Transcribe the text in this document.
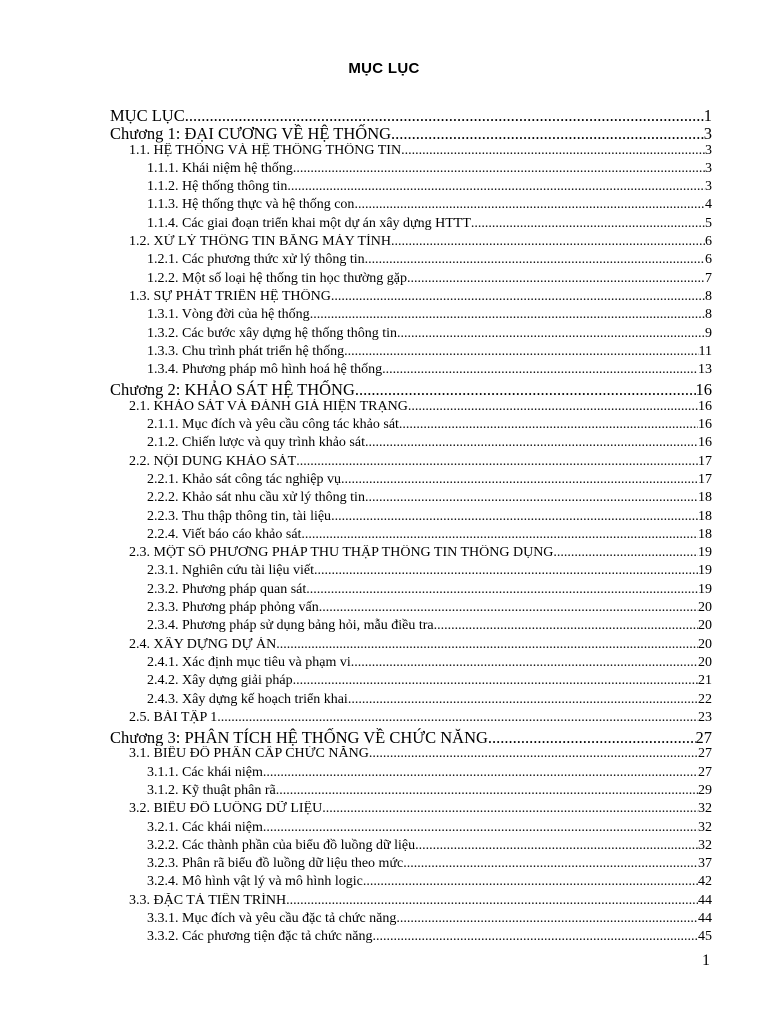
MỤC LỤC
MỤC LỤC .....	1
Chương 1: ĐẠI CƯƠNG VỀ HỆ THỐNG .....	3
1.1. HỆ THỐNG VÀ HỆ THỐNG THÔNG TIN .....	3
1.1.1. Khái niệm hệ thống .....	3
1.1.2. Hệ thống thông tin .....	3
1.1.3. Hệ thống thực và hệ thống con .....	4
1.1.4. Các giai đoạn triển khai một dự án xây dựng HTTT .....	5
1.2. XỬ LÝ THÔNG TIN BẰNG MÁY TÍNH .....	6
1.2.1. Các phương thức xử lý thông tin .....	6
1.2.2. Một số loại hệ thống tin học thường gặp .....	7
1.3. SỰ PHÁT TRIỂN HỆ THỐNG .....	8
1.3.1. Vòng đời của hệ thống .....	8
1.3.2. Các bước xây dựng hệ thống thông tin .....	9
1.3.3. Chu trình phát triển hệ thống .....	11
1.3.4. Phương pháp mô hình hoá hệ thống .....	13
Chương 2: KHẢO SÁT HỆ THỐNG .....	16
2.1. KHẢO SÁT VÀ ĐÁNH GIÁ HIỆN TRẠNG .....	16
2.1.1. Mục đích và yêu cầu công tác khảo sát .....	16
2.1.2. Chiến lược và quy trình khảo sát .....	16
2.2. NỘI DUNG KHẢO SÁT .....	17
2.2.1. Khảo sát công tác nghiệp vụ .....	17
2.2.2. Khảo sát nhu cầu xử lý thông tin .....	18
2.2.3. Thu thập thông tin, tài liệu .....	18
2.2.4. Viết báo cáo khảo sát .....	18
2.3. MỘT SỐ PHƯƠNG PHÁP THU THẬP THÔNG TIN THÔNG DỤNG .....	19
2.3.1. Nghiên cứu tài liệu viết .....	19
2.3.2. Phương pháp quan sát .....	19
2.3.3. Phương pháp phỏng vấn .....	20
2.3.4. Phương pháp sử dụng bảng hỏi, mẫu điều tra .....	20
2.4. XÂY DỰNG DỰ ÁN .....	20
2.4.1. Xác định mục tiêu và phạm vi .....	20
2.4.2. Xây dựng giải pháp .....	21
2.4.3. Xây dựng kế hoạch triển khai .....	22
2.5. BÀI TẬP 1 .....	23
Chương 3: PHÂN TÍCH HỆ THỐNG VỀ CHỨC NĂNG .....	27
3.1. BIỂU ĐỒ PHÂN CẤP CHỨC NĂNG .....	27
3.1.1. Các khái niệm .....	27
3.1.2. Kỹ thuật phân rã .....	29
3.2. BIỂU ĐỒ LUỒNG DỮ LIỆU .....	32
3.2.1. Các khái niệm .....	32
3.2.2. Các thành phần của biểu đồ luồng dữ liệu .....	32
3.2.3. Phân rã biểu đồ luồng dữ liệu theo mức .....	37
3.2.4. Mô hình vật lý và mô hình logic .....	42
3.3. ĐẶC TẢ TIẾN TRÌNH .....	44
3.3.1. Mục đích và yêu cầu đặc tả chức năng .....	44
3.3.2. Các phương tiện đặc tả chức năng .....	45
1
